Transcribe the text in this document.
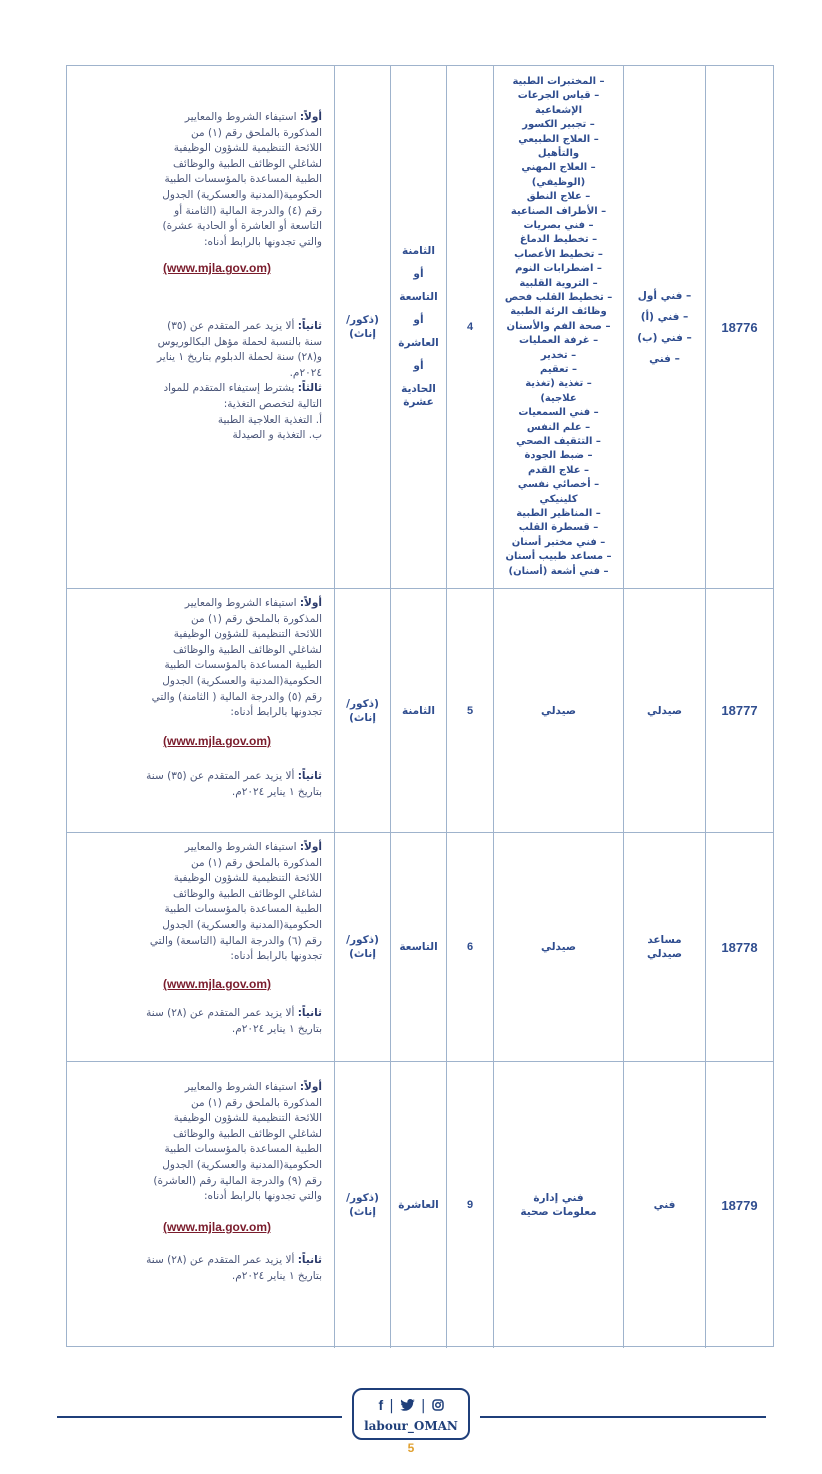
18776
– فني أول
– فني (أ)
– فني (ب)
– فني
– المختبرات الطبية
– قياس الجرعات
الإشعاعية
– تجبير الكسور
– العلاج الطبيعي
والتأهيل
– العلاج المهني
(الوظيفي)
– علاج النطق
– الأطراف الصناعية
– فني بصريات
– تخطيط الدماغ
– تخطيط الأعصاب
– اضطرابات النوم
– التروية القلبية
– تخطيط القلب فحص
وظائف الرئة الطبية
– صحة الفم والأسنان
– غرفة العمليات
– تخدير
– تعقيم
– تغذية (تغذية
علاجية)
– فني السمعيات
– علم النفس
– التثقيف الصحي
– ضبط الجودة
– علاج القدم
– أخصائي نفسي
كلينيكي
– المناظير الطبية
– قسطرة القلب
– فني مختبر أسنان
– مساعد طبيب أسنان
– فني أشعة (أسنان)
4
الثامنة
أو
التاسعة
أو
العاشرة
أو
الحادية
عشرة
(ذكور/ إناث)

أولاً: استيفاء الشروط والمعايير

المذكورة بالملحق رقم (١) من

اللائحة التنظيمية للشؤون الوظيفية

لشاغلي الوظائف الطبية والوظائف

الطبية المساعدة بالمؤسسات الطبية

الحكومية(المدنية والعسكرية) الجدول

رقم (٤) والدرجة المالية (الثامنة أو

التاسعة أو العاشرة أو الحادية عشرة)

والتي تجدونها بالرابط أدناه:

(www.mjla.gov.om)

ثانياً: ألا يزيد عمر المتقدم عن (٣٥)

سنة بالنسبة لحملة مؤهل البكالوريوس

و(٢٨) سنة لحملة الدبلوم بتاريخ ١ يناير

٢٠٢٤م.

ثالثاً: يشترط إستيفاء المتقدم للمواد

التالية لتخصص التغذية:

أ. التغذية العلاجية الطبية

ب. التغذية و الصيدلة

18777
صيدلي
صيدلي
5
الثامنة
(ذكور/ إناث)

أولاً: استيفاء الشروط والمعايير

المذكورة بالملحق رقم (١) من

اللائحة التنظيمية للشؤون الوظيفية

لشاغلي الوظائف الطبية والوظائف

الطبية المساعدة بالمؤسسات الطبية

الحكومية(المدنية والعسكرية) الجدول

رقم (٥) والدرجة المالية ( الثامنة) والتي

تجدونها بالرابط أدناه:

(www.mjla.gov.om)

ثانياً: ألا يزيد عمر المتقدم عن (٣٥) سنة

بتاريخ ١ يناير ٢٠٢٤م.

18778
مساعد صيدلي
صيدلي
6
التاسعة
(ذكور/ إناث)

أولاً: استيفاء الشروط والمعايير

المذكورة بالملحق رقم (١) من

اللائحة التنظيمية للشؤون الوظيفية

لشاغلي الوظائف الطبية والوظائف

الطبية المساعدة بالمؤسسات الطبية

الحكومية(المدنية والعسكرية) الجدول

رقم (٦) والدرجة المالية (التاسعة) والتي

تجدونها بالرابط أدناه:

(www.mjla.gov.om)

ثانياً: ألا يزيد عمر المتقدم عن (٢٨) سنة

بتاريخ ١ يناير ٢٠٢٤م.

18779
فني
فني إدارة معلومات صحية
9
العاشرة
(ذكور/ إناث)

أولاً: استيفاء الشروط والمعايير

المذكورة بالملحق رقم (١) من

اللائحة التنظيمية للشؤون الوظيفية

لشاغلي الوظائف الطبية والوظائف

الطبية المساعدة بالمؤسسات الطبية

الحكومية(المدنية والعسكرية) الجدول

رقم (٩) والدرجة المالية رقم (العاشرة)

والتي تجدونها بالرابط أدناه:

(www.mjla.gov.om)

ثانياً: ألا يزيد عمر المتقدم عن (٢٨) سنة

بتاريخ ١ يناير ٢٠٢٤م.

f | |
labour_OMAN
5
